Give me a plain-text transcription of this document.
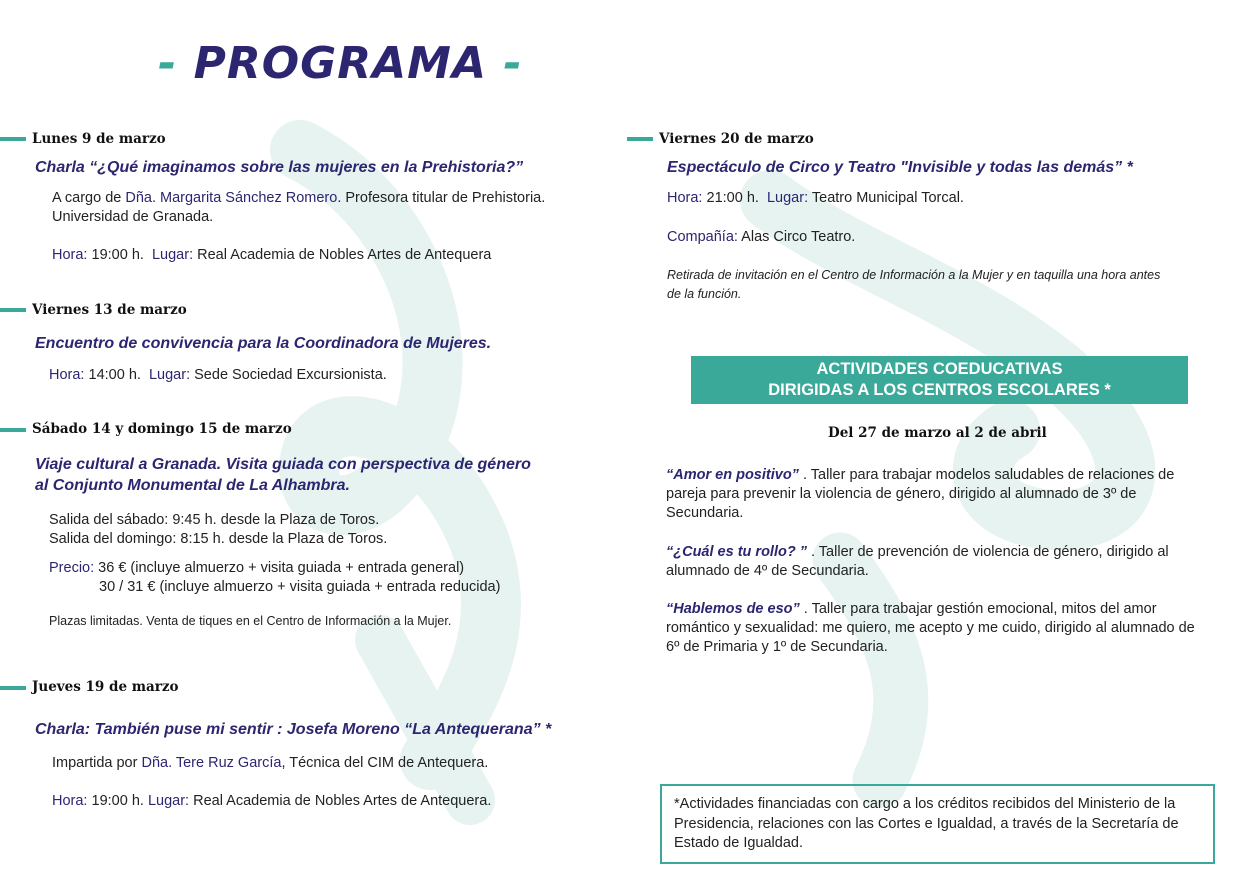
- PROGRAMA -
Lunes 9 de marzo
Charla “¿Qué imaginamos sobre las mujeres en la Prehistoria?”
A cargo de Dña. Margarita Sánchez Romero. Profesora titular de Prehistoria.
Universidad de Granada.
Hora: 19:00 h. Lugar: Real Academia de Nobles Artes de Antequera
Viernes 13 de marzo
Encuentro de convivencia para la Coordinadora de Mujeres.
Hora: 14:00 h. Lugar: Sede Sociedad Excursionista.
Sábado 14 y domingo 15 de marzo
Viaje cultural a Granada. Visita guiada con perspectiva de género
al Conjunto Monumental de La Alhambra.
Salida del sábado: 9:45 h. desde la Plaza de Toros.
Salida del domingo: 8:15 h. desde la Plaza de Toros.
Precio: 36 € (incluye almuerzo + visita guiada + entrada general)
30 / 31 € (incluye almuerzo + visita guiada + entrada reducida)
Plazas limitadas. Venta de tiques en el Centro de Información a la Mujer.
Jueves 19 de marzo
Charla: También puse mi sentir : Josefa Moreno “La Antequerana” *
Impartida por Dña. Tere Ruz García, Técnica del CIM de Antequera.
Hora: 19:00 h. Lugar: Real Academia de Nobles Artes de Antequera.
Viernes 20 de marzo
Espectáculo de Circo y Teatro "Invisible y todas las demás” *
Hora: 21:00 h. Lugar: Teatro Municipal Torcal.
Compañía: Alas Circo Teatro.
Retirada de invitación en el Centro de Información a la Mujer y en taquilla una hora antes
de la función.
ACTIVIDADES COEDUCATIVAS
DIRIGIDAS A LOS CENTROS ESCOLARES *
Del 27 de marzo al 2 de abril
“Amor en positivo” . Taller para trabajar modelos saludables de relaciones de
pareja para prevenir la violencia de género, dirigido al alumnado de 3º de
Secundaria.
“¿Cuál es tu rollo? ” . Taller de prevención de violencia de género, dirigido al
alumnado de 4º de Secundaria.
“Hablemos de eso” . Taller para trabajar gestión emocional, mitos del amor
romántico y sexualidad: me quiero, me acepto y me cuido, dirigido al alumnado de
6º de Primaria y 1º de Secundaria.
*Actividades financiadas con cargo a los créditos recibidos del Ministerio de la
Presidencia, relaciones con las Cortes e Igualdad, a través de la Secretaría de
Estado de Igualdad.
